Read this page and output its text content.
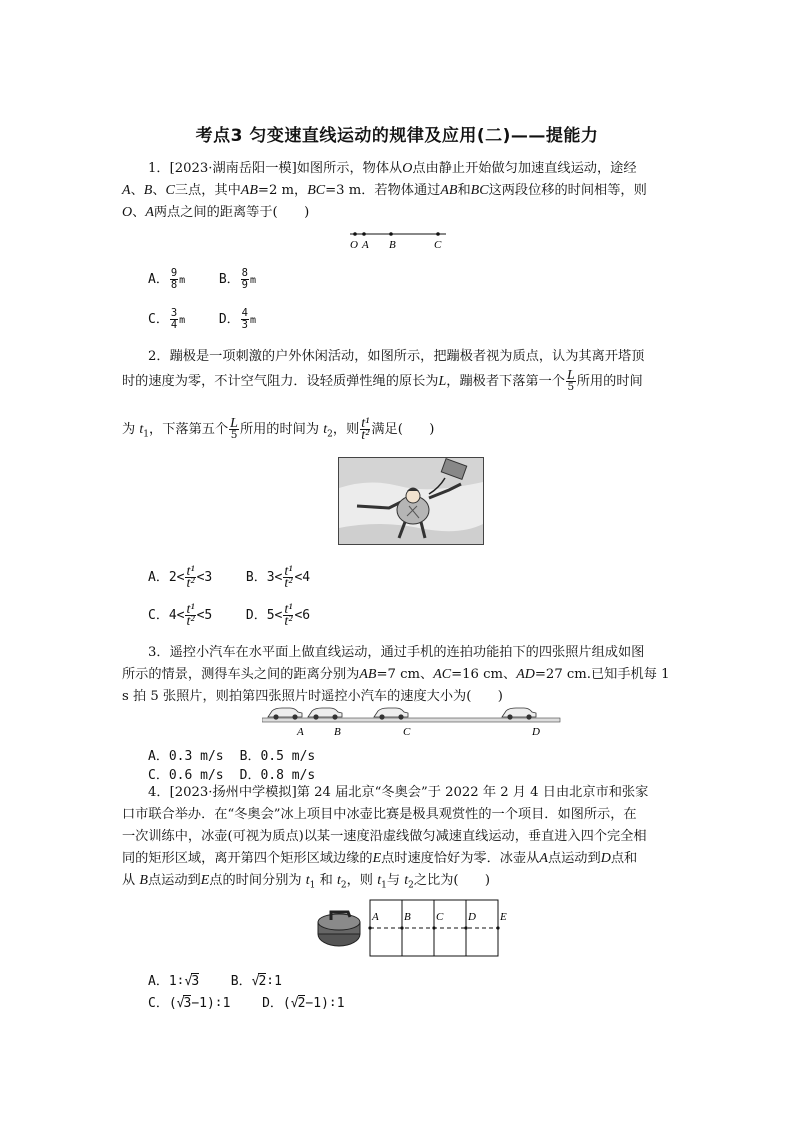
考点3 匀变速直线运动的规律及应用(二)——提能力
1．[2023·湖南岳阳一模]如图所示，物体从O点由静止开始做匀加速直线运动，途经
A、B、C三点，其中AB=2 m，BC=3 m．若物体通过AB和BC这两段位移的时间相等，则
O、A两点之间的距离等于(　　)
O A B	C
A． $\frac{9}{8}$ m	B． $\frac{8}{9}$ m
C． $\frac{3}{4}$ m	D． $\frac{4}{3}$ m
2．蹦极是一项刺激的户外休闲活动，如图所示，把蹦极者视为质点，认为其离开塔顶
时的速度为零，不计空气阻力．设轻质弹性绳的原长为L，蹦极者下落第一个 $\frac{L}{5}$ 所用的时间
为 $t_1$，下落第五个 $\frac{L}{5}$ 所用的时间为 $t_2$，则 $\frac{\text{t¹}}{\text{t²}}$ 满足(　　)
A．$2< \frac{\text{t¹}}{\text{t²}} <3$	B．$3< \frac{\text{t¹}}{\text{t²}} <4$
C．$4< \frac{\text{t¹}}{\text{t²}} <5$	D．$5< \frac{\text{t¹}}{\text{t²}} <6$
3．遥控小汽车在水平面上做直线运动，通过手机的连拍功能拍下的四张照片组成如图
所示的情景，测得车头之间的距离分别为AB=7 cm、AC=16 cm、AD=27 cm.已知手机每 1
s 拍 5 张照片，则拍第四张照片时遥控小汽车的速度大小为(　　)
A	B	C	D
A．0.3 m/s B．0.5 m/s
C．0.6 m/s D．0.8 m/s
4．[2023·扬州中学模拟]第 24 届北京“冬奥会”于 2022 年 2 月 4 日由北京市和张家
口市联合举办．在“冬奥会”冰上项目中冰壶比赛是极具观赏性的一个项目．如图所示，在
一次训练中，冰壶(可视为质点)以某一速度沿虚线做匀减速直线运动，垂直进入四个完全相
同的矩形区域，离开第四个矩形区域边缘的E点时速度恰好为零．冰壶从A点运动到D点和
从 B点运动到E点的时间分别为 $t_1$ 和 $t_2$，则 $t_1$与 $t_2$之比为(　　)
A B C D E
A．1∶√3 B．√2∶1
C．(√3−1)∶1 D．(√2−1)∶1
